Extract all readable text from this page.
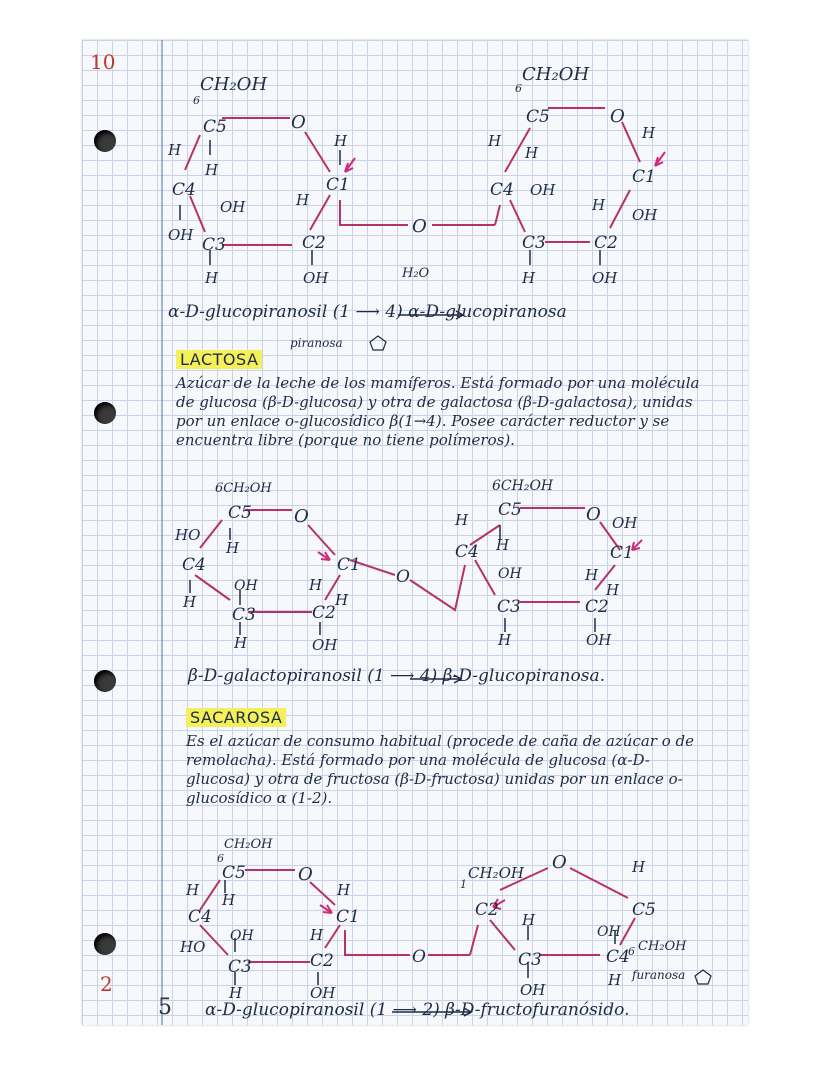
10
2
5
CH₂OH
6
C5	O
H
C1
H
C4
H
OH	H
OH C3	C2
H	OH
O
H₂O
CH₂OH
6
C5	O
H
H
H
C4 OH
C1
H
OH
C3	C2
H	OH
α-D-glucopiranosil (1 ⟶ 4) α-D-glucopiranosa
piranosa
LACTOSA
Azúcar de la leche de los mamíferos. Está formado por una molécula de glucosa (β-D-glucosa) y otra de galactosa (β-D-galactosa), unidas por un enlace o-glucosídico β(1→4). Posee carácter reductor y se encuentra libre (porque no tiene polímeros).
6CH₂OH
C5 O
HO
H
C4	C1
OH
H
H
H
C3	C2
H	OH
O
6CH₂OH
C5	O OH
H
H
C4	C1
OH	H
H
C3	C2
H	OH
β-D-galactopiranosil (1 ⟶ 4) β-D-glucopiranosa.
SACAROSA
Es el azúcar de consumo habitual (procede de caña de azúcar o de remolacha). Está formado por una molécula de glucosa (α-D-glucosa) y otra de fructosa (β-D-fructosa) unidas por un enlace o-glucosídico α (1-2).
CH₂OH
6
C5	O
H
H
H
C4	C1
HO
OH	H
C3	C2
H	OH
O
CH₂OH
1
O	H
C2	C5
H
OH
CH₂OH
6
C3	C4
OH
H furanosa
α-D-glucopiranosil (1 ⟶ 2) β-D-fructofuranósido.
